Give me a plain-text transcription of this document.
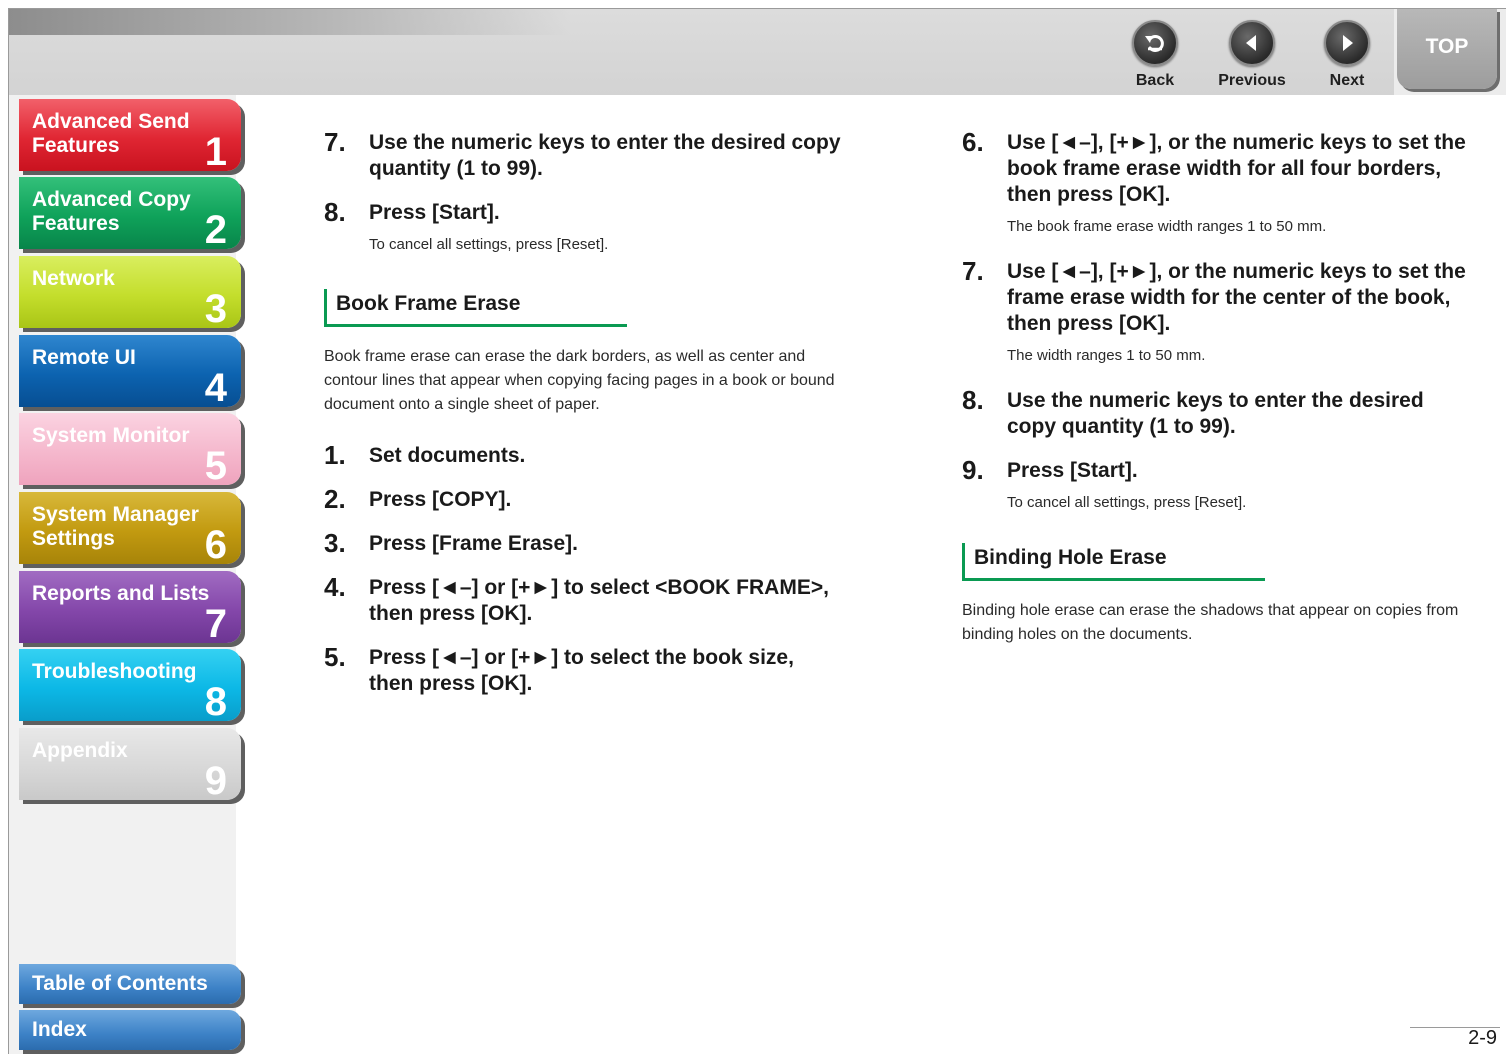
Back	Previous	Next
TOP
Advanced Send
Features	1
Advanced Copy
Features	2
Network
3
Remote UI
4
System Monitor
5
System Manager
Settings	6
Reports and Lists
7
Troubleshooting
8
Appendix
9
Table of Contents
Index
7. Use the numeric keys to enter the desired copy quantity (1 to 99).
8. Press [Start].
To cancel all settings, press [Reset].
Book Frame Erase

Book frame erase can erase the dark borders, as well as center and contour lines that appear when copying facing pages in a book or bound document onto a single sheet of paper.

1. Set documents.
2. Press [COPY].
3. Press [Frame Erase].
4. Press [◄–] or [+►] to select <BOOK FRAME>, then press [OK].
5. Press [◄–] or [+►] to select the book size, then press [OK].
6. Use [◄–], [+►], or the numeric keys to set the book frame erase width for all four borders, then press [OK].
The book frame erase width ranges 1 to 50 mm.
7. Use [◄–], [+►], or the numeric keys to set the frame erase width for the center of the book, then press [OK].
The width ranges 1 to 50 mm.
8. Use the numeric keys to enter the desired copy quantity (1 to 99).
9. Press [Start].
To cancel all settings, press [Reset].
Binding Hole Erase

Binding hole erase can erase the shadows that appear on copies from binding holes on the documents.

2-9
